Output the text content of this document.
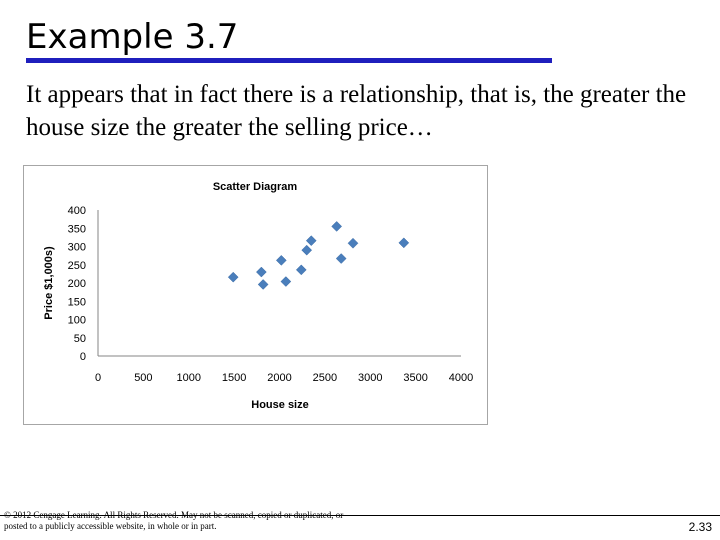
Example 3.7

It appears that in fact there is a relationship, that is, the greater the house size the greater the selling price…

Scatter Diagram
0
50
100
150
200
250
300
350
400
0	500 1000 1500 2000 2500 3000 3500 4000
House size
Price $1,000s)

© 2012 Cengage Learning. All Rights Reserved. May not be scanned, copied or duplicated, or posted to a publicly accessible website, in whole or in part.	2.33
